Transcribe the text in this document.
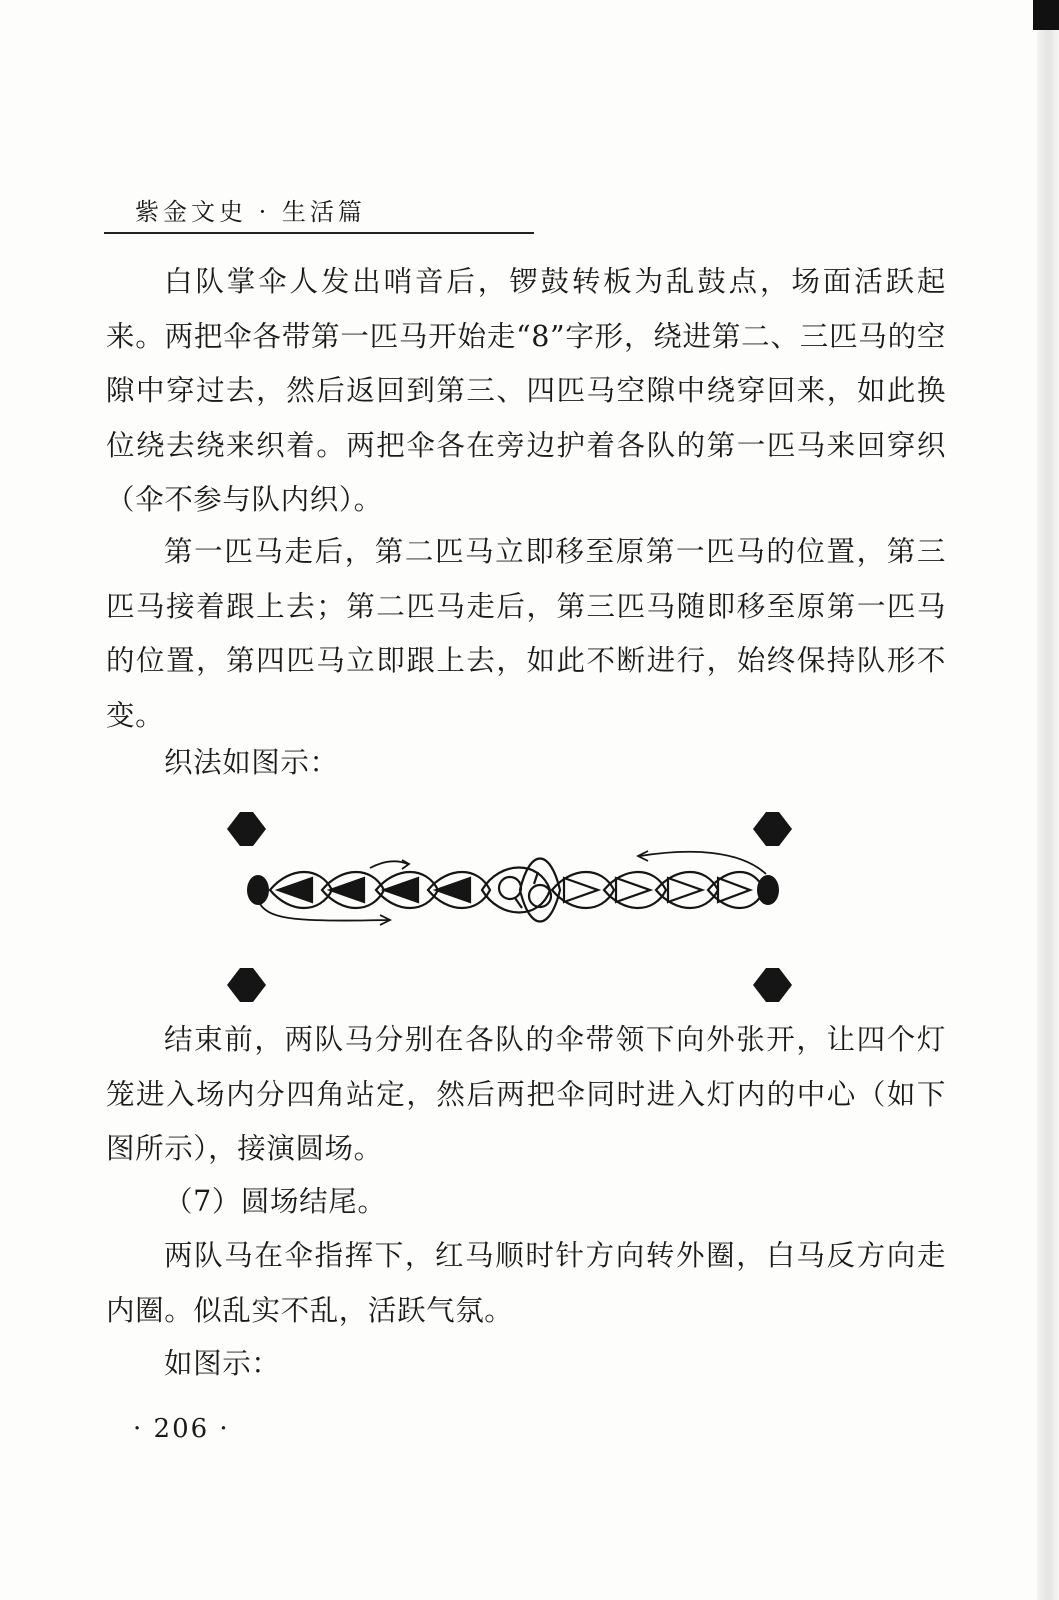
紫金文史 · 生活篇

白队掌伞人发出哨音后，锣鼓转板为乱鼓点，场面活跃起来。两把伞各带第一匹马开始走“8”字形，绕进第二、三匹马的空隙中穿过去，然后返回到第三、四匹马空隙中绕穿回来，如此换位绕去绕来织着。两把伞各在旁边护着各队的第一匹马来回穿织（伞不参与队内织）。

第一匹马走后，第二匹马立即移至原第一匹马的位置，第三匹马接着跟上去；第二匹马走后，第三匹马随即移至原第一匹马的位置，第四匹马立即跟上去，如此不断进行，始终保持队形不变。

织法如图示：

结束前，两队马分别在各队的伞带领下向外张开，让四个灯笼进入场内分四角站定，然后两把伞同时进入灯内的中心（如下图所示），接演圆场。

（7）圆场结尾。

两队马在伞指挥下，红马顺时针方向转外圈，白马反方向走内圈。似乱实不乱，活跃气氛。

如图示：

· 206 ·
